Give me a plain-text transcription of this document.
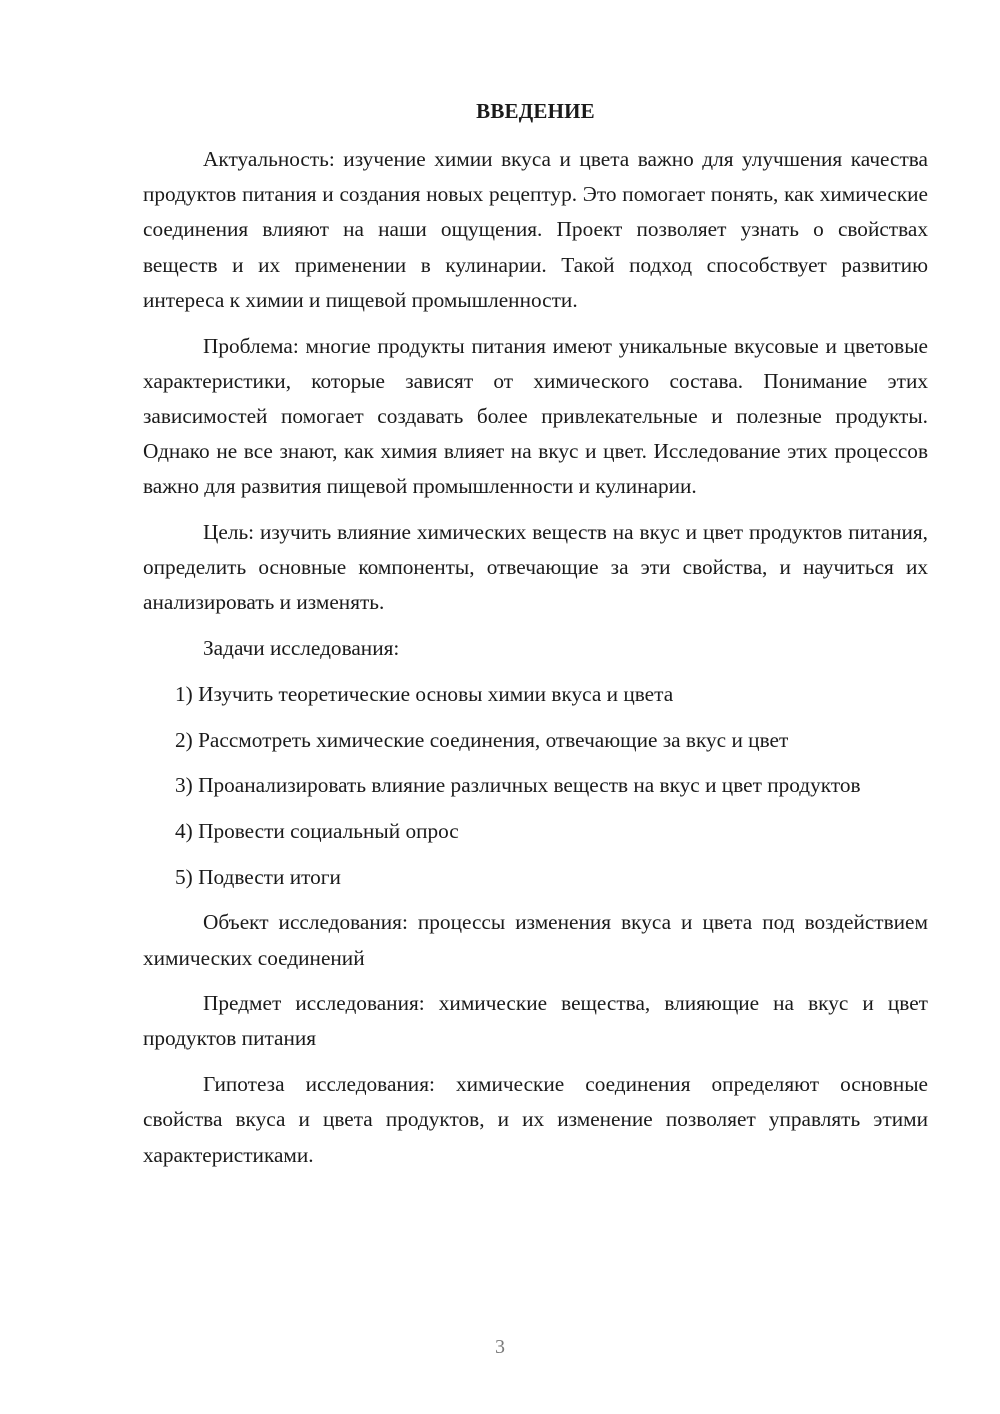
ВВЕДЕНИЕ

Актуальность: изучение химии вкуса и цвета важно для улучшения качества продуктов питания и создания новых рецептур. Это помогает понять, как химические соединения влияют на наши ощущения. Проект позволяет узнать о свойствах веществ и их применении в кулинарии. Такой подход способствует развитию интереса к химии и пищевой промышленности.

Проблема: многие продукты питания имеют уникальные вкусовые и цветовые характеристики, которые зависят от химического состава. Понимание этих зависимостей помогает создавать более привлекательные и полезные продукты. Однако не все знают, как химия влияет на вкус и цвет. Исследование этих процессов важно для развития пищевой промышленности и кулинарии.

Цель: изучить влияние химических веществ на вкус и цвет продуктов питания, определить основные компоненты, отвечающие за эти свойства, и научиться их анализировать и изменять.

Задачи исследования:

1) Изучить теоретические основы химии вкуса и цвета

2) Рассмотреть химические соединения, отвечающие за вкус и цвет

3) Проанализировать влияние различных веществ на вкус и цвет продуктов

4) Провести социальный опрос

5) Подвести итоги

Объект исследования: процессы изменения вкуса и цвета под воздействием химических соединений

Предмет исследования: химические вещества, влияющие на вкус и цвет продуктов питания

Гипотеза исследования: химические соединения определяют основные свойства вкуса и цвета продуктов, и их изменение позволяет управлять этими характеристиками.

3
